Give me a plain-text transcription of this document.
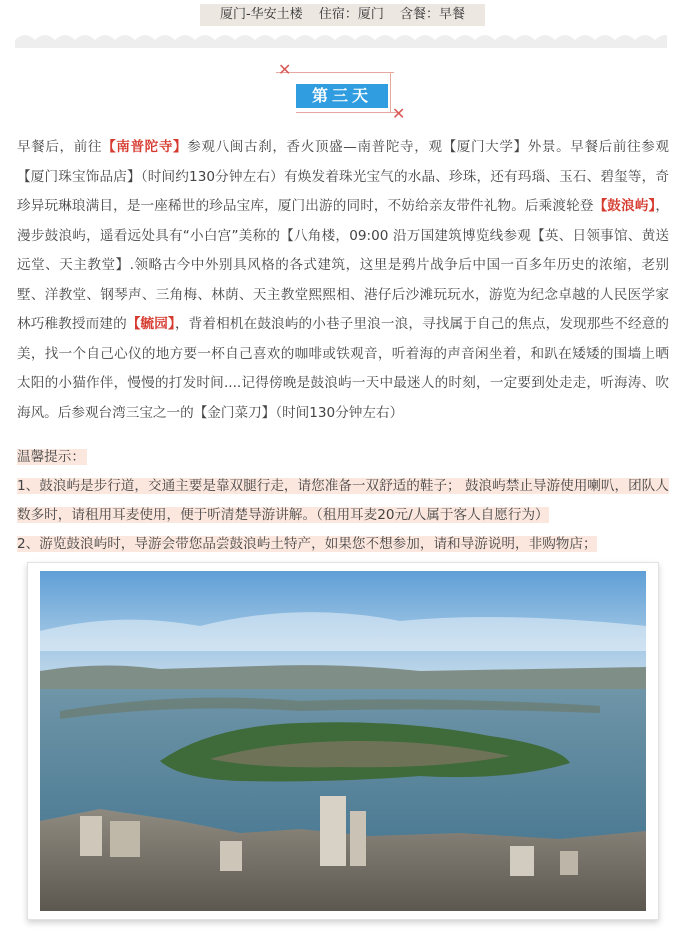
厦门-华安土楼 住宿：厦门 含餐：早餐
✕
✕
第三天
早餐后，前往【南普陀寺】参观八闽古刹，香火顶盛—南普陀寺，观【厦门大学】外景。早餐后前往参观【厦门珠宝饰品店】（时间约130分钟左右）有焕发着珠光宝气的水晶、珍珠，还有玛瑙、玉石、碧玺等，奇珍异玩琳琅满目，是一座稀世的珍品宝库，厦门出游的同时，不妨给亲友带件礼物。后乘渡轮登【鼓浪屿】，漫步鼓浪屿，遥看远处具有“小白宫”美称的【八角楼，09:00 沿万国建筑博览线参观【英、日领事馆、黄送远堂、天主教堂】.领略古今中外别具风格的各式建筑，这里是鸦片战争后中国一百多年历史的浓缩，老别墅、洋教堂、钢琴声、三角梅、林荫、天主教堂熙熙相、港仔后沙滩玩玩水，游览为纪念卓越的人民医学家林巧稚教授而建的【毓园】，背着相机在鼓浪屿的小巷子里浪一浪，寻找属于自己的焦点，发现那些不经意的美，找一个自己心仪的地方要一杯自己喜欢的咖啡或铁观音，听着海的声音闲坐着，和趴在矮矮的围墙上晒太阳的小猫作伴，慢慢的打发时间....记得傍晚是鼓浪屿一天中最迷人的时刻，一定要到处走走，听海涛、吹海风。后参观台湾三宝之一的【金门菜刀】（时间130分钟左右）
温馨提示：
1、鼓浪屿是步行道，交通主要是靠双腿行走，请您准备一双舒适的鞋子； 鼓浪屿禁止导游使用喇叭，团队人数多时，请租用耳麦使用，便于听清楚导游讲解。（租用耳麦20元/人属于客人自愿行为）
2、游览鼓浪屿时，导游会带您品尝鼓浪屿土特产，如果您不想参加，请和导游说明，非购物店；
